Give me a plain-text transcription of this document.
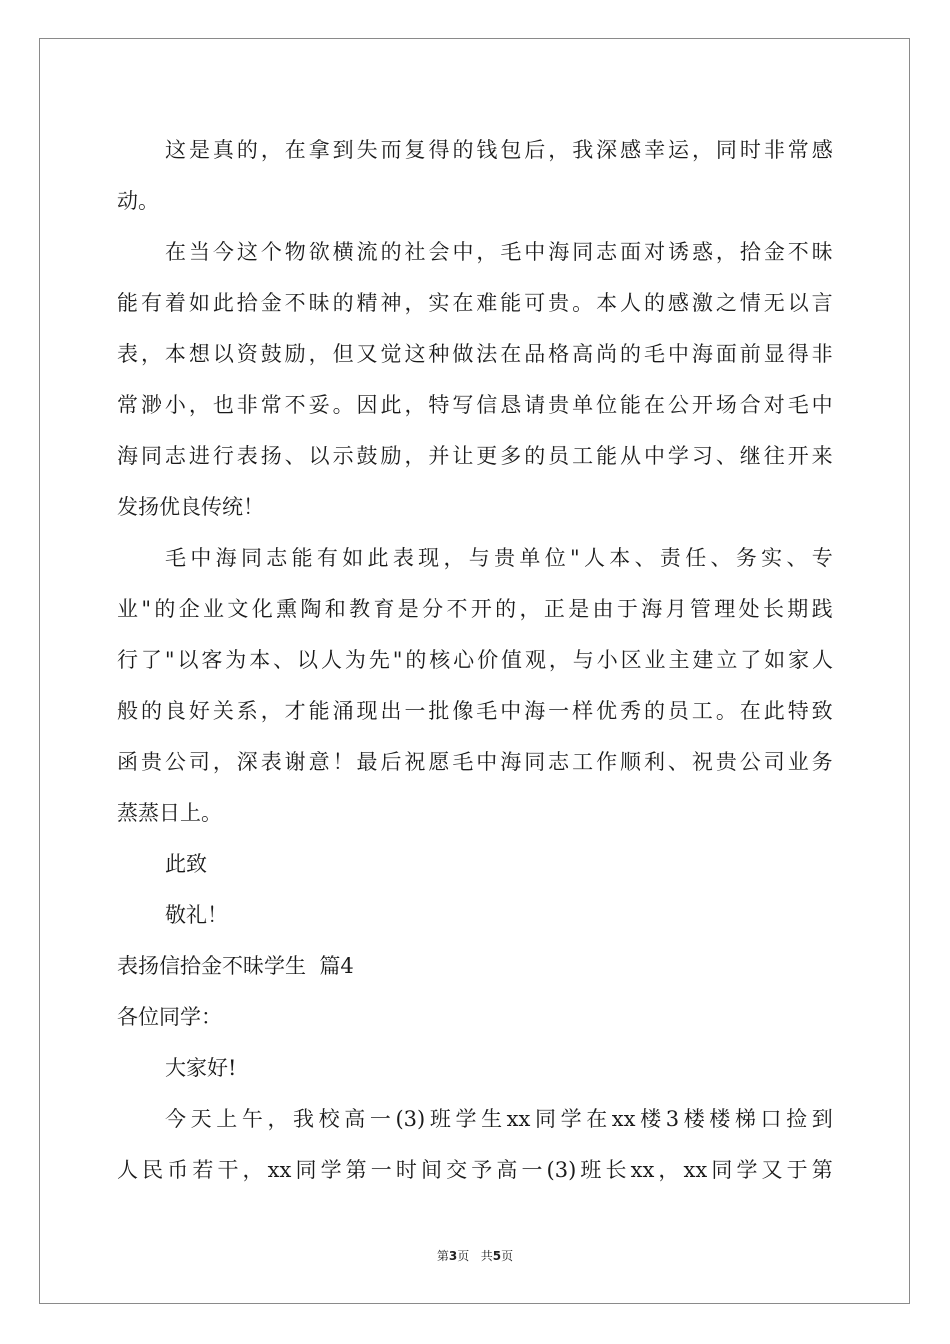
这 是 真 的 ， 在 拿 到 失 而 复 得 的 钱 包 后 ， 我 深 感 幸 运 ， 同 时 非 常 感
动。
在 当 今 这 个 物 欲 横 流 的 社 会 中 ， 毛 中 海 同 志 面 对 诱 惑 ， 拾 金 不 昧
能 有 着 如 此 拾 金 不 昧 的 精 神 ， 实 在 难 能 可 贵 。 本 人 的 感 激 之 情 无 以 言
表 ， 本 想 以 资 鼓 励 ， 但 又 觉 这 种 做 法 在 品 格 高 尚 的 毛 中 海 面 前 显 得 非
常 渺 小 ， 也 非 常 不 妥 。 因 此 ， 特 写 信 恳 请 贵 单 位 能 在 公 开 场 合 对 毛 中
海 同 志 进 行 表 扬 、 以 示 鼓 励 ， 并 让 更 多 的 员 工 能 从 中 学 习 、 继 往 开 来
发扬优良传统！
毛 中 海 同 志 能 有 如 此 表 现 ， 与 贵 单 位 " 人 本 、 责 任 、 务 实 、 专
业 " 的 企 业 文 化 熏 陶 和 教 育 是 分 不 开 的 ， 正 是 由 于 海 月 管 理 处 长 期 践
行 了 " 以 客 为 本 、 以 人 为 先 " 的 核 心 价 值 观 ， 与 小 区 业 主 建 立 了 如 家 人
般 的 良 好 关 系 ， 才 能 涌 现 出 一 批 像 毛 中 海 一 样 优 秀 的 员 工 。 在 此 特 致
函 贵 公 司 ， 深 表 谢 意 ！ 最 后 祝 愿 毛 中 海 同 志 工 作 顺 利 、 祝 贵 公 司 业 务
蒸蒸日上。
此致
敬礼！
表扬信拾金不昧学生  篇4
各位同学：
大家好!
今 天 上 午 ， 我 校 高 一 (3) 班 学 生 xx 同 学 在 xx 楼 3 楼 楼 梯 口 捡 到
人 民 币 若 干 ， xx 同 学 第 一 时 间 交 予 高 一 (3) 班 长 xx ， xx 同 学 又 于 第
第3页   共5页
